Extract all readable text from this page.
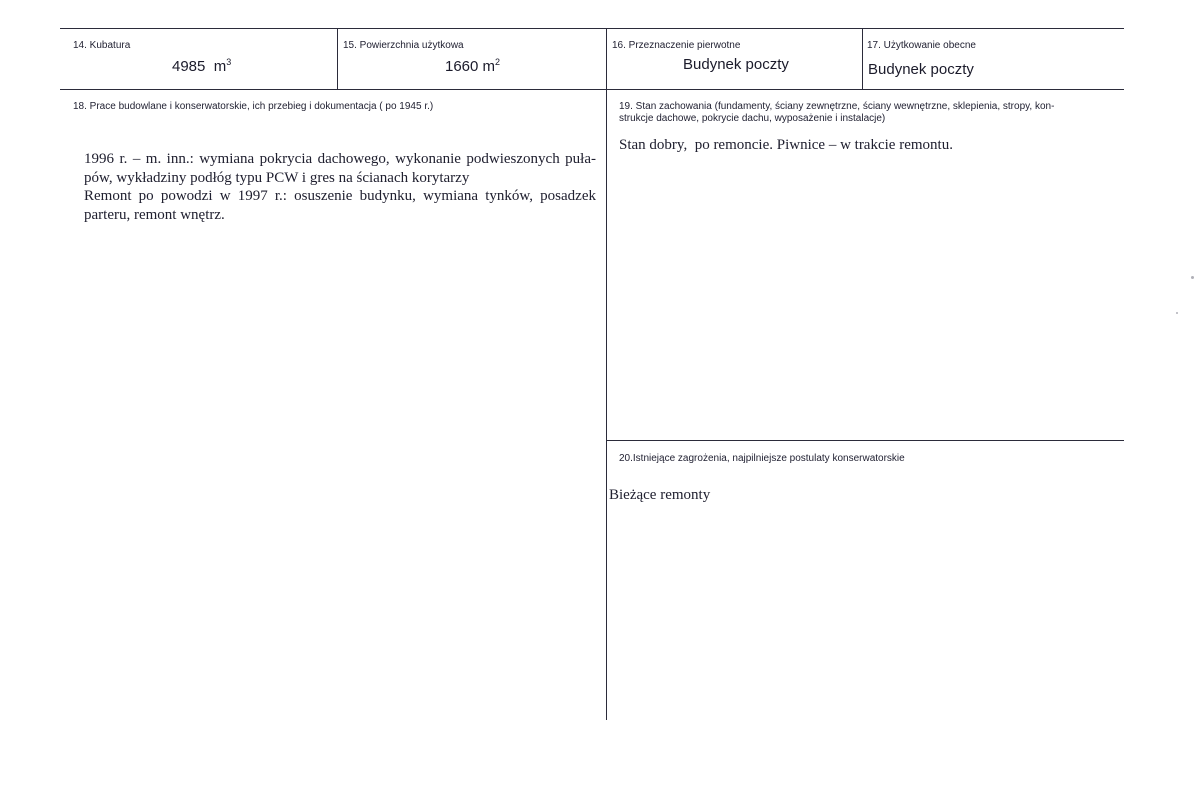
14. Kubatura
4985 $m^3$
15. Powierzchnia użytkowa
1660 $m^2$
16. Przeznaczenie pierwotne
Budynek poczty
17. Użytkowanie obecne
Budynek poczty
18. Prace budowlane i konserwatorskie, ich przebieg i dokumentacja ( po 1945 r.)
1996 r. – m. inn.: wymiana pokrycia dachowego, wykonanie podwieszonych puła-
pów, wykładziny podłóg typu PCW i gres na ścianach korytarzy
Remont po powodzi w 1997 r.: osuszenie budynku, wymiana tynków, posadzek
parteru, remont wnętrz.
19. Stan zachowania (fundamenty, ściany zewnętrzne, ściany wewnętrzne, sklepienia, stropy, kon-
strukcje dachowe, pokrycie dachu, wyposażenie i instalacje)
Stan dobry,  po remoncie. Piwnice – w trakcie remontu.
20.Istniejące zagrożenia, najpilniejsze postulaty konserwatorskie
Bieżące remonty
